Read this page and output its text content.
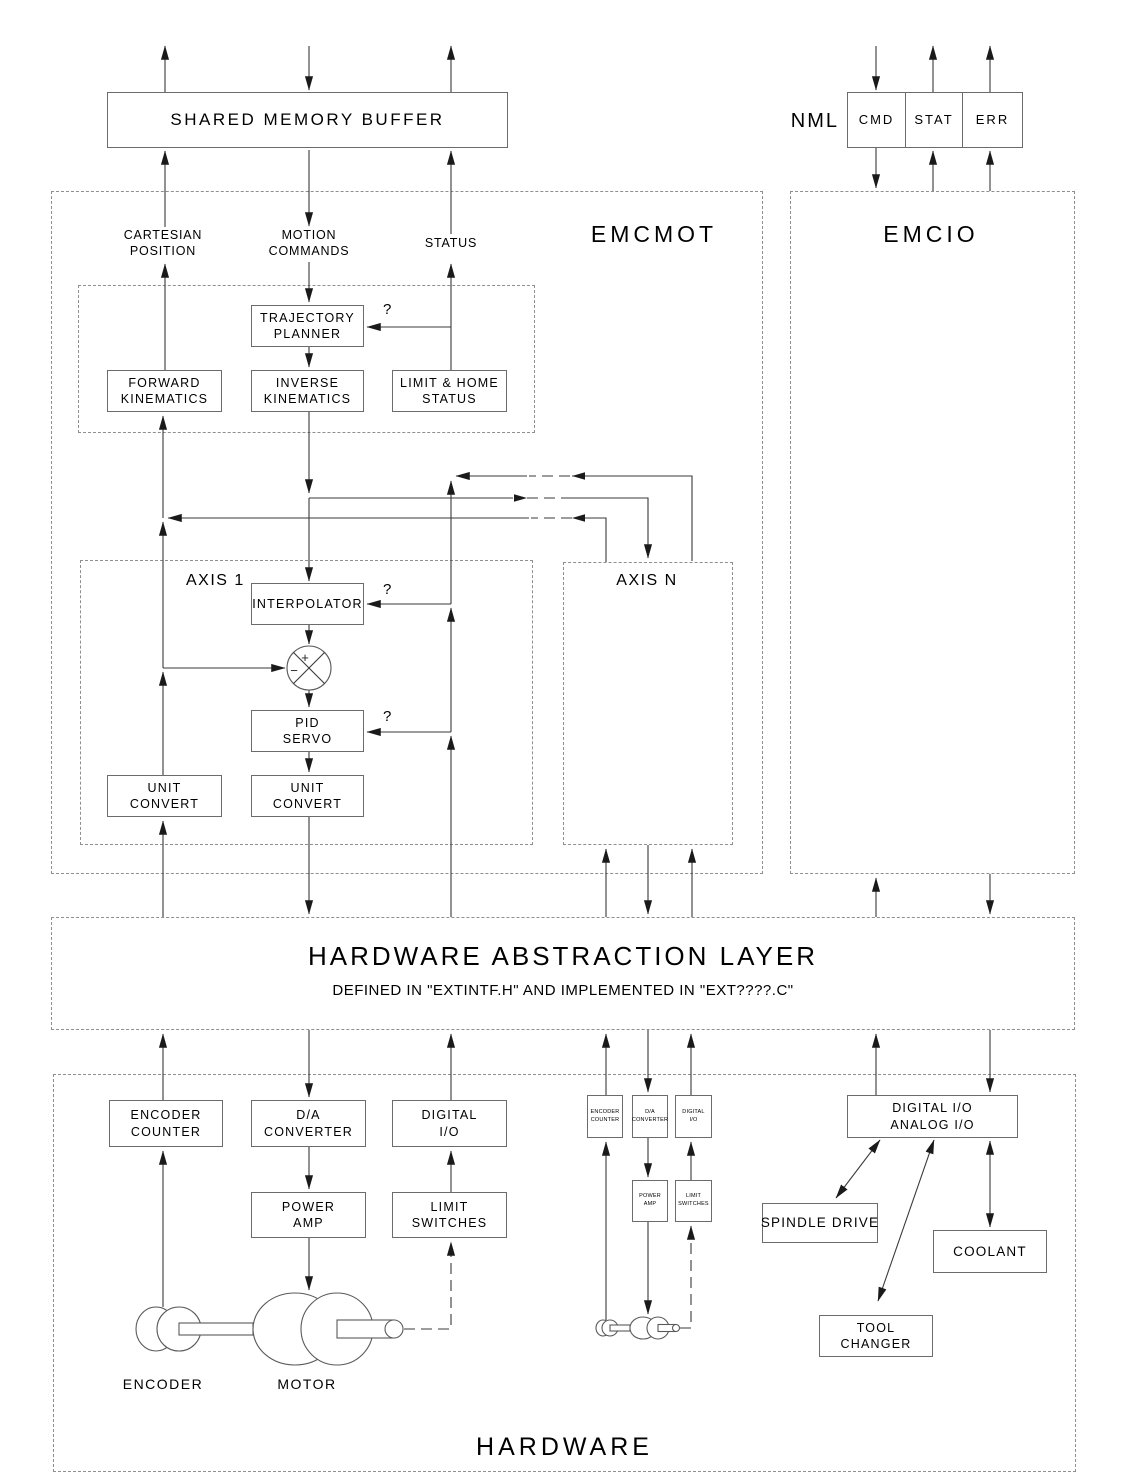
+
−
SHARED MEMORY BUFFER	NML CMD STAT ERR
EMCMOT	EMCIO
CARTESIAN
POSITION
MOTION
COMMANDS
STATUS
TRAJECTORY
PLANNER
?
FORWARD
KINEMATICS
INVERSE
KINEMATICS
LIMIT & HOME
STATUS
AXIS 1	AXIS N
INTERPOLATOR
?
PID
SERVO
?
UNIT
CONVERT
UNIT
CONVERT
HARDWARE ABSTRACTION LAYER
DEFINED IN "EXTINTF.H" AND IMPLEMENTED IN "EXT????.C"
ENCODER
COUNTER
D/A
CONVERTER
DIGITAL
I/O
POWER
AMP
LIMIT
SWITCHES
ENCODER
COUNTER
D/A
CONVERTER
DIGITAL
I/O
POWER
AMP
LIMIT
SWITCHES
DIGITAL I/O
ANALOG I/O
SPINDLE DRIVE
COOLANT
TOOL
CHANGER
ENCODER	MOTOR
HARDWARE
